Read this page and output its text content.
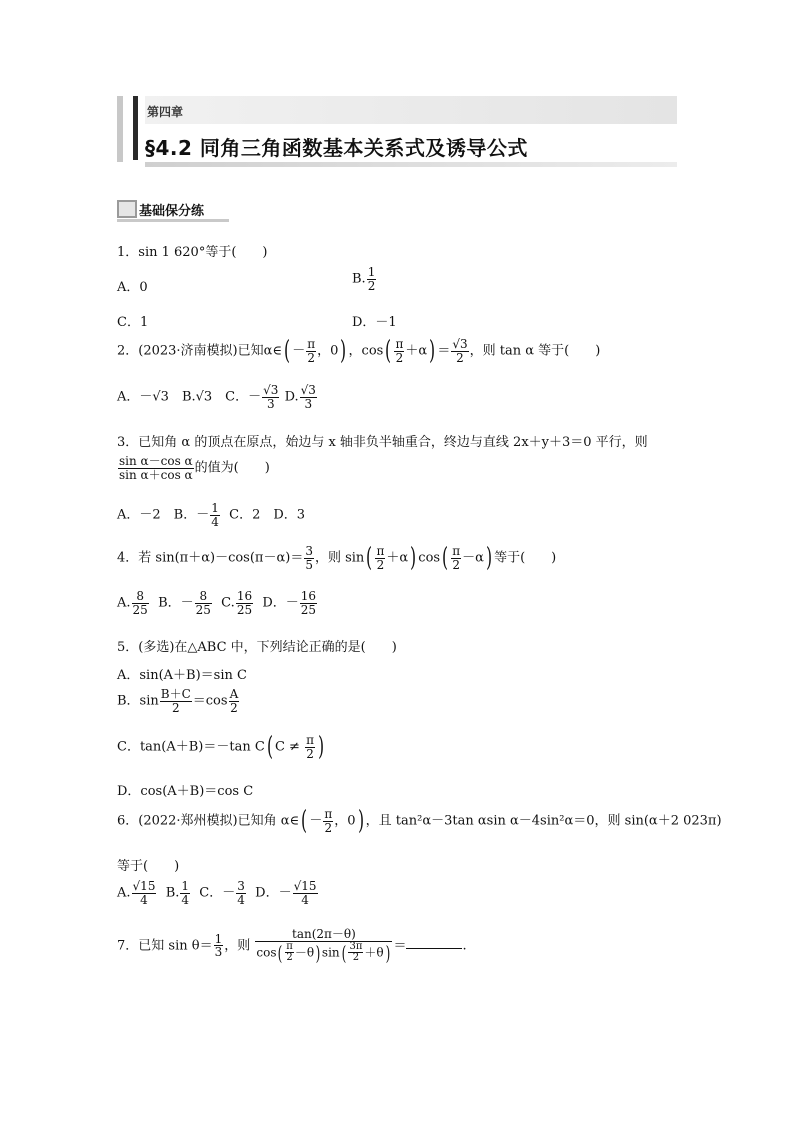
第四章
§4.2 同角三角函数基本关系式及诱导公式
基础保分练
1．sin 1 620°等于(　　)
A．0
B. $\frac{1}{2}$
C．1	D．－1
2．(2023·济南模拟)已知α∈( － $\frac{\pi}{2}$ ，0) ，$\cos( \frac{\pi}{2} +\alpha) = \frac{√3}{2}$ ，则 tan α 等于(　　)
A．－√3　B.√3　C．－ $\frac{√3}{3} D$. $\frac{√3}{3}$
3．已知角 α 的顶点在原点，始边与 x 轴非负半轴重合，终边与直线 2x＋y＋3＝0 平行，则
$\frac{\text{sin α－cos α}}{\text{sin α＋cos α}}$ 的值为(　　)
A．－2　B．－ $\frac{1}{4}$ C．2　D．3
4．若 $\sin(\pi+\alpha)-\cos(\pi-\alpha)= \frac{3}{5}$ ，则 $\sin( \frac{\pi}{2} +\alpha)$ $\cos( \frac{\pi}{2} -\alpha)$ 等于(　　)
A. $\frac{8}{25}$ B．－ $\frac{8}{25} C$. $\frac{16}{25}$ D．－ $\frac{16}{25}$
5．(多选)在△ABC 中，下列结论正确的是(　　)
A．sin(A＋B)＝sin C
B．$\sin \frac{B+C}{2} =\cos \frac{A}{2}$
C．tan(A＋B)＝－tan C( $C \ne \frac{\pi}{2}$ )
D．cos(A＋B)＝cos C
6．(2022·郑州模拟)已知角 α∈( － $\frac{\pi}{2}$ ，0) ，且 tan²α－3tan αsin α－4sin²α＝0，则 sin(α＋2 023π)
等于(　　)
A. $\frac{√15}{4} B$. $\frac{1}{4}$ C．－ $\frac{3}{4}$ D．－ $\frac{√15}{4}$
7．已知 $\sin \theta= \frac{1}{3}$ ，则 $\frac{\tan(2\pi-\theta)}{\cos( \frac{\pi}{2} -\theta) \sin( \frac{3\pi}{2} +\theta)}$ ＝	.
